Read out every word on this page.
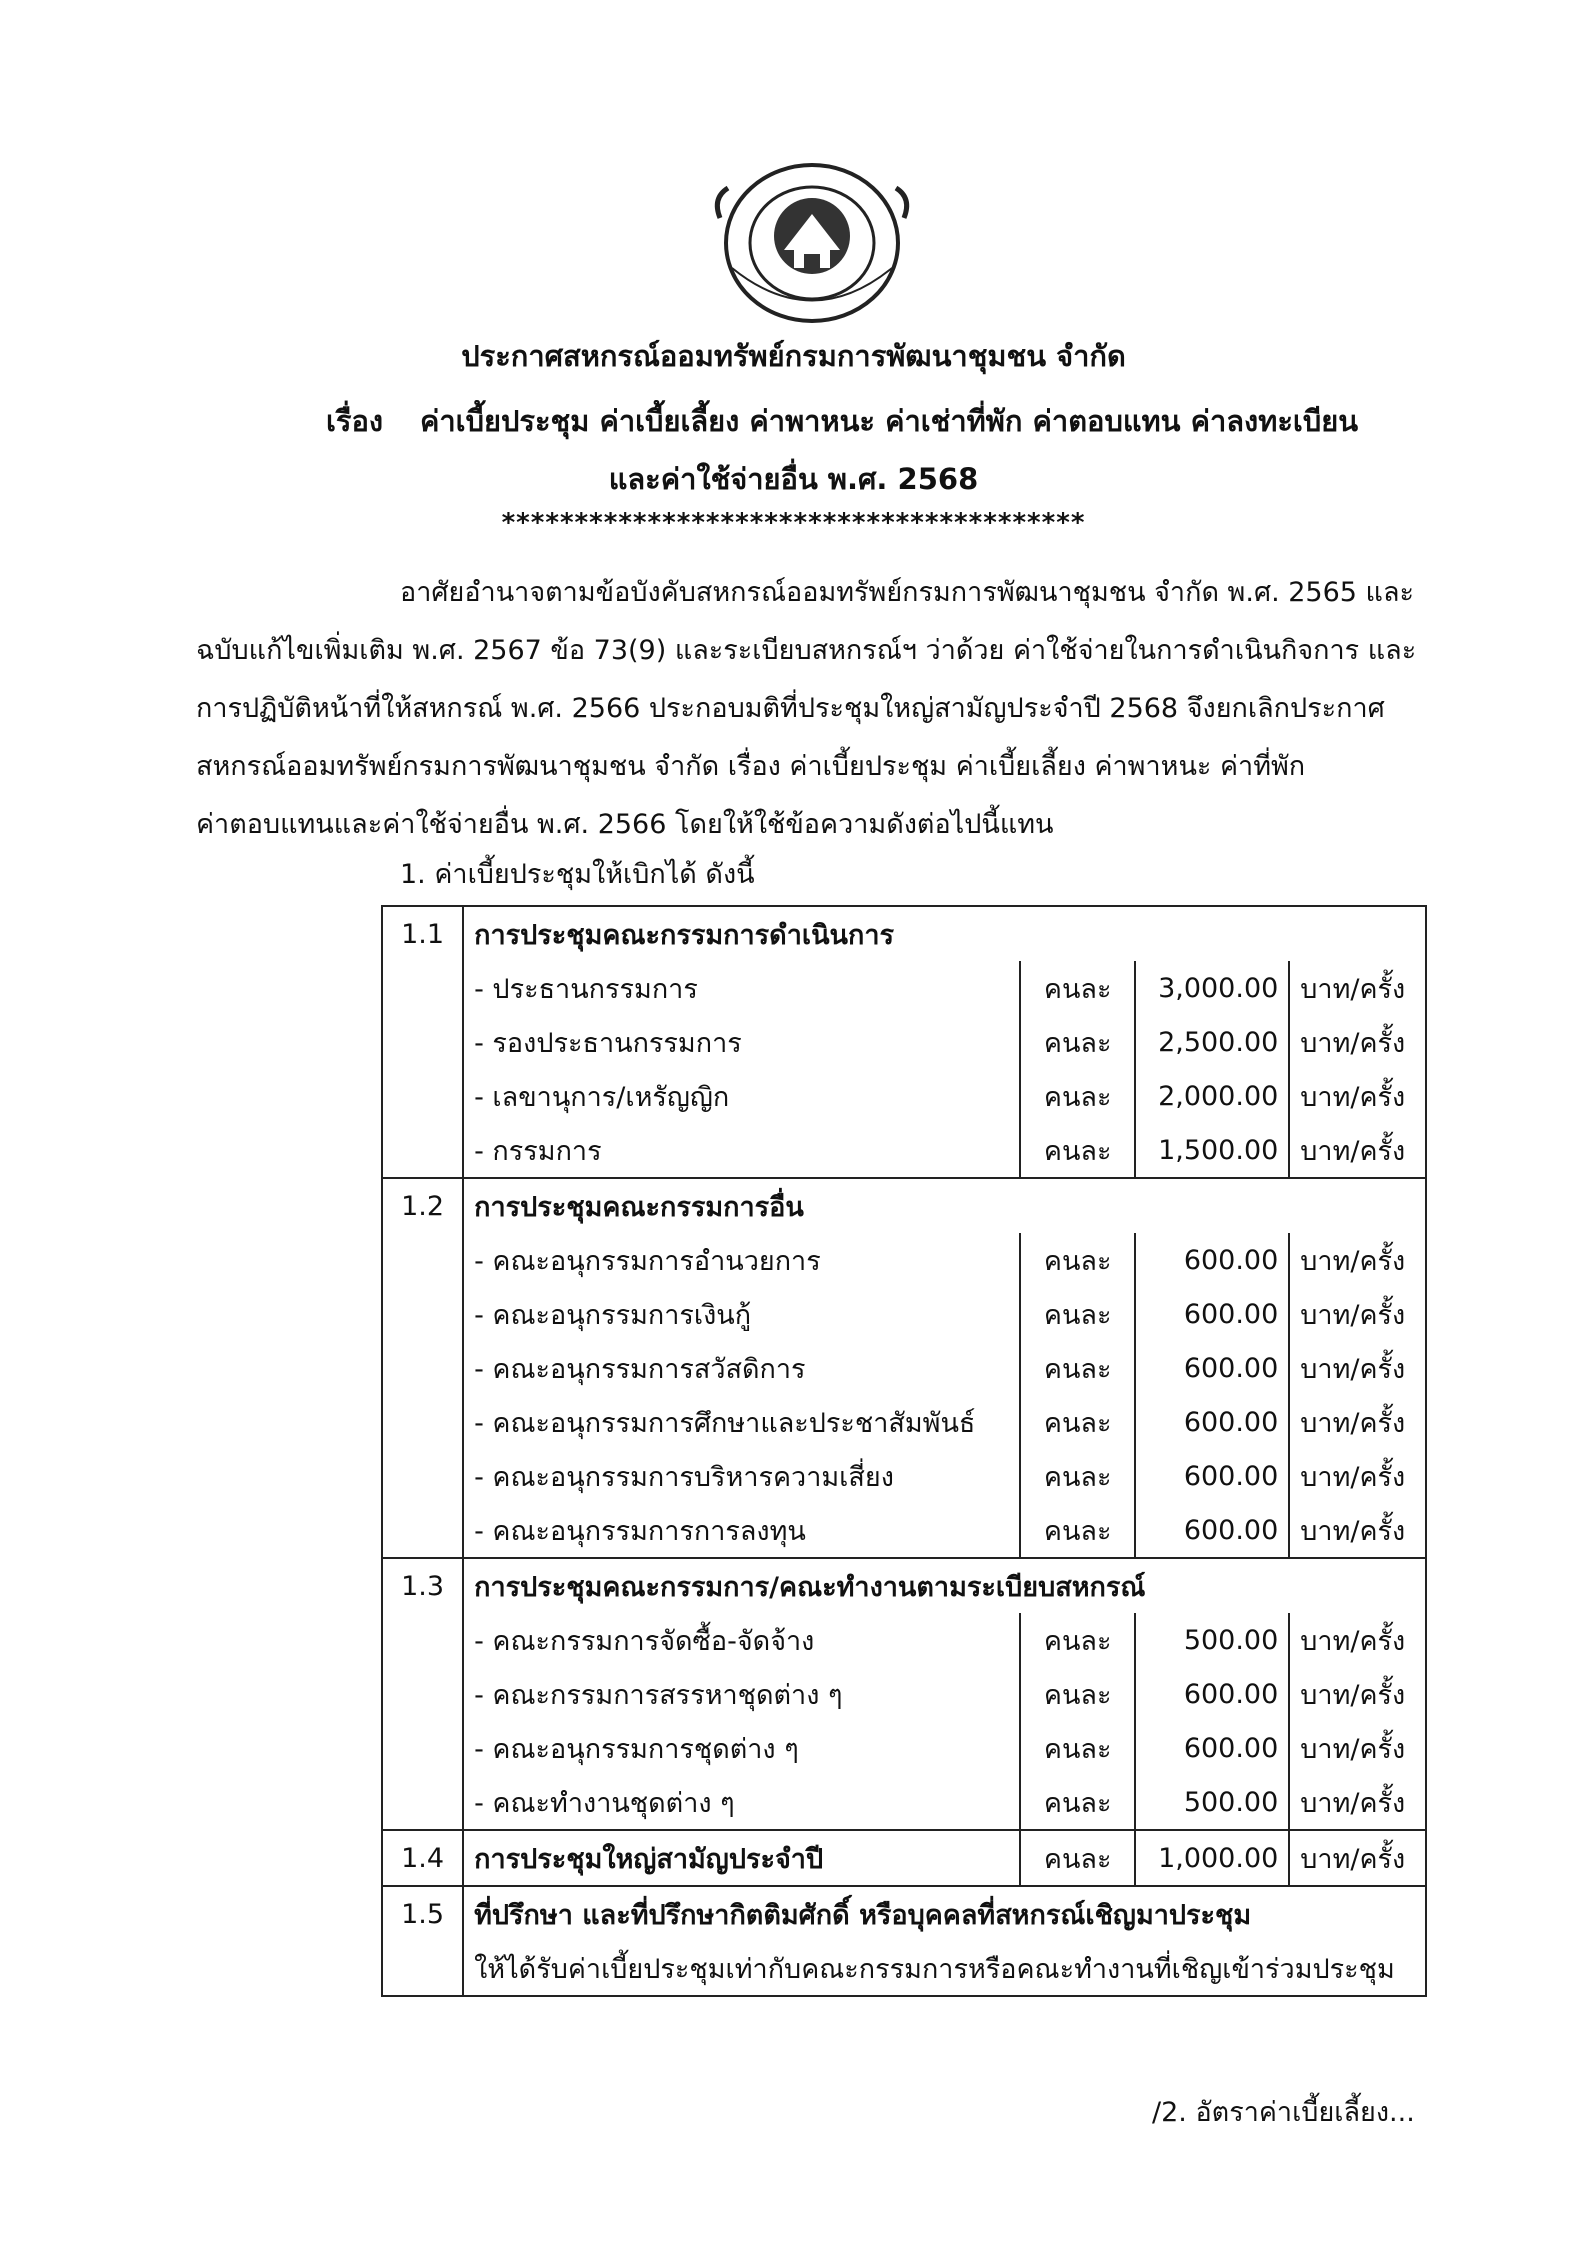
ประกาศสหกรณ์ออมทรัพย์กรมการพัฒนาชุมชน จำกัด
เรื่อง ค่าเบี้ยประชุม ค่าเบี้ยเลี้ยง ค่าพาหนะ ค่าเช่าที่พัก ค่าตอบแทน ค่าลงทะเบียน
และค่าใช้จ่ายอื่น พ.ศ. 2568
****************************************
อาศัยอำนาจตามข้อบังคับสหกรณ์ออมทรัพย์กรมการพัฒนาชุมชน จำกัด พ.ศ. 2565 และ
ฉบับแก้ไขเพิ่มเติม พ.ศ. 2567 ข้อ 73(9) และระเบียบสหกรณ์ฯ ว่าด้วย ค่าใช้จ่ายในการดำเนินกิจการ และ
การปฏิบัติหน้าที่ให้สหกรณ์ พ.ศ. 2566 ประกอบมติที่ประชุมใหญ่สามัญประจำปี 2568 จึงยกเลิกประกาศ
สหกรณ์ออมทรัพย์กรมการพัฒนาชุมชน จำกัด เรื่อง ค่าเบี้ยประชุม ค่าเบี้ยเลี้ยง ค่าพาหนะ ค่าที่พัก
ค่าตอบแทนและค่าใช้จ่ายอื่น พ.ศ. 2566 โดยให้ใช้ข้อความดังต่อไปนี้แทน
1. ค่าเบี้ยประชุมให้เบิกได้ ดังนี้
1.1	การประชุมคณะกรรมการดำเนินการ			
	- ประธานกรรมการ	คนละ	3,000.00	บาท/ครั้ง
	- รองประธานกรรมการ	คนละ	2,500.00	บาท/ครั้ง
	- เลขานุการ/เหรัญญิก	คนละ	2,000.00	บาท/ครั้ง
	- กรรมการ	คนละ	1,500.00	บาท/ครั้ง
1.2	การประชุมคณะกรรมการอื่น			
	- คณะอนุกรรมการอำนวยการ	คนละ	600.00	บาท/ครั้ง
	- คณะอนุกรรมการเงินกู้	คนละ	600.00	บาท/ครั้ง
	- คณะอนุกรรมการสวัสดิการ	คนละ	600.00	บาท/ครั้ง
	- คณะอนุกรรมการศึกษาและประชาสัมพันธ์	คนละ	600.00	บาท/ครั้ง
	- คณะอนุกรรมการบริหารความเสี่ยง	คนละ	600.00	บาท/ครั้ง
	- คณะอนุกรรมการการลงทุน	คนละ	600.00	บาท/ครั้ง
1.3	การประชุมคณะกรรมการ/คณะทำงานตามระเบียบสหกรณ์			
	- คณะกรรมการจัดซื้อ-จัดจ้าง	คนละ	500.00	บาท/ครั้ง
	- คณะกรรมการสรรหาชุดต่าง ๆ	คนละ	600.00	บาท/ครั้ง
	- คณะอนุกรรมการชุดต่าง ๆ	คนละ	600.00	บาท/ครั้ง
	- คณะทำงานชุดต่าง ๆ	คนละ	500.00	บาท/ครั้ง
1.4	การประชุมใหญ่สามัญประจำปี	คนละ	1,000.00	บาท/ครั้ง
1.5	ที่ปรึกษา และที่ปรึกษากิตติมศักดิ์ หรือบุคคลที่สหกรณ์เชิญมาประชุม			
	ให้ได้รับค่าเบี้ยประชุมเท่ากับคณะกรรมการหรือคณะทำงานที่เชิญเข้าร่วมประชุม			
/2. อัตราค่าเบี้ยเลี้ยง...
